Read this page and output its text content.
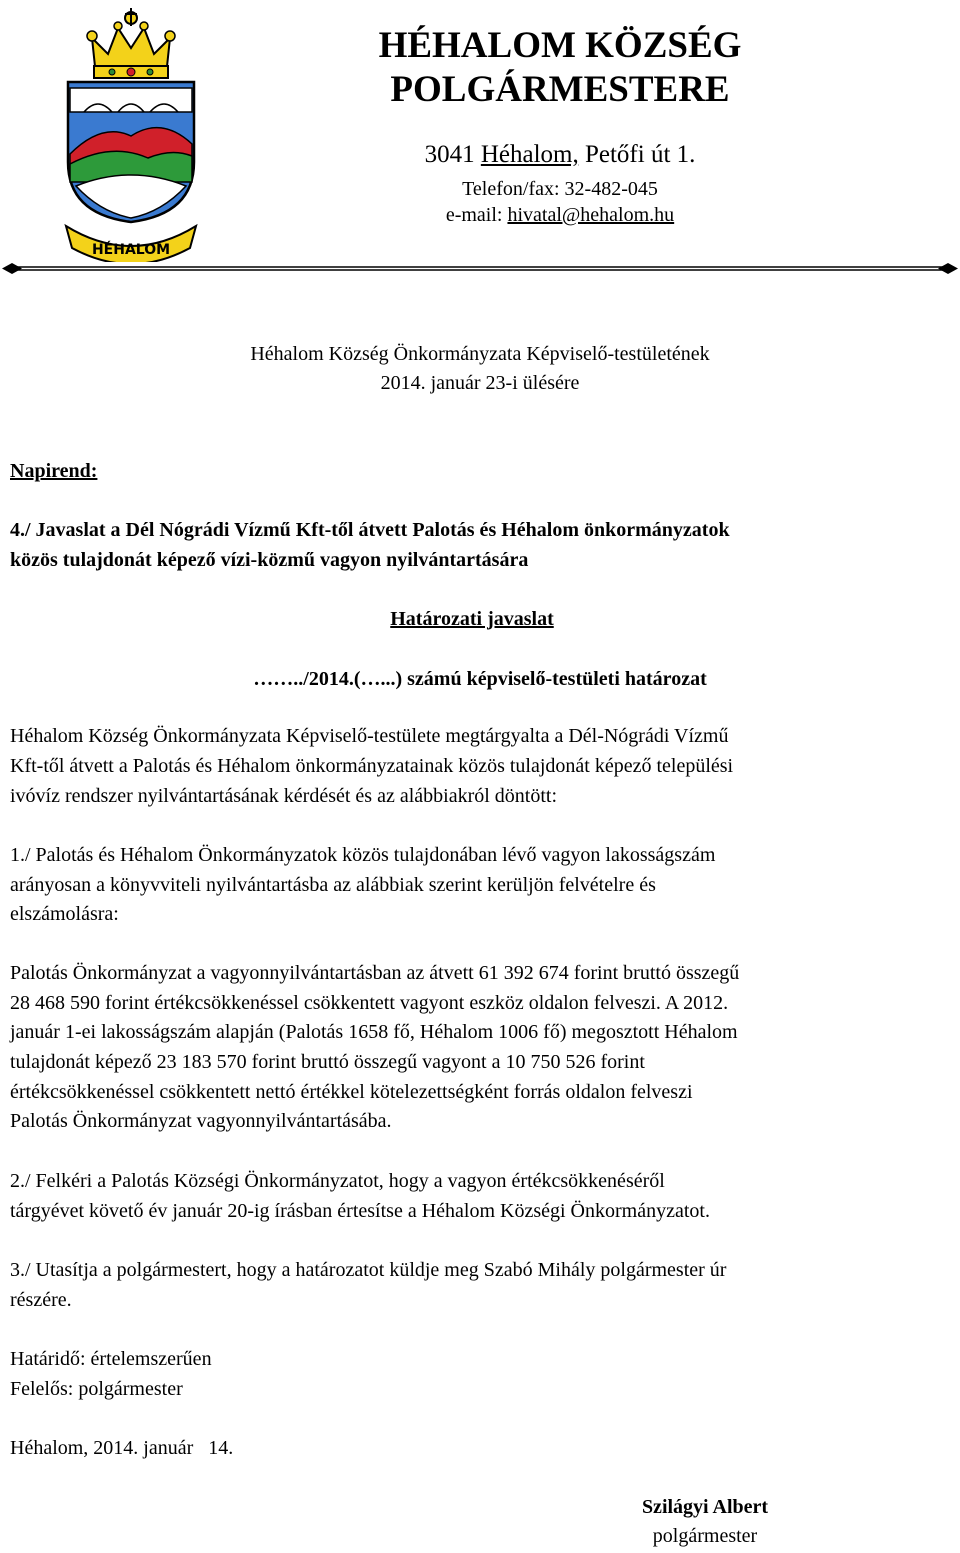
HÉHALOM
HÉHALOM KÖZSÉG
POLGÁRMESTERE
3041 Héhalom, Petőfi út 1.
Telefon/fax: 32-482-045
e-mail: hivatal@hehalom.hu
Héhalom Község Önkormányzata Képviselő-testületének
2014. január 23-i ülésére
Napirend:
4./ Javaslat a Dél Nógrádi Vízmű Kft-től átvett Palotás és Héhalom önkormányzatok
közös tulajdonát képező vízi-közmű vagyon nyilvántartására
Határozati javaslat
……../2014.(…...) számú képviselő-testületi határozat
Héhalom Község Önkormányzata Képviselő-testülete megtárgyalta a Dél-Nógrádi Vízmű
Kft-től átvett a Palotás és Héhalom önkormányzatainak közös tulajdonát képező települési
ivóvíz rendszer nyilvántartásának kérdését és az alábbiakról döntött:
1./ Palotás és Héhalom Önkormányzatok közös tulajdonában lévő vagyon lakosságszám
arányosan a könyvviteli nyilvántartásba az alábbiak szerint kerüljön felvételre és
elszámolásra:
Palotás Önkormányzat a vagyonnyilvántartásban az átvett 61 392 674 forint bruttó összegű
28 468 590 forint értékcsökkenéssel csökkentett vagyont eszköz oldalon felveszi. A 2012.
január 1-ei lakosságszám alapján (Palotás 1658 fő, Héhalom 1006 fő) megosztott Héhalom
tulajdonát képező 23 183 570 forint bruttó összegű vagyont a 10 750 526 forint
értékcsökkenéssel csökkentett nettó értékkel kötelezettségként forrás oldalon felveszi
Palotás Önkormányzat vagyonnyilvántartásába.
2./ Felkéri a Palotás Községi Önkormányzatot, hogy a vagyon értékcsökkenéséről
tárgyévet követő év január 20-ig írásban értesítse a Héhalom Községi Önkormányzatot.
3./ Utasítja a polgármestert, hogy a határozatot küldje meg Szabó Mihály polgármester úr
részére.
Határidő: értelemszerűen
Felelős: polgármester
Héhalom, 2014. január   14.
Szilágyi Albert
polgármester
